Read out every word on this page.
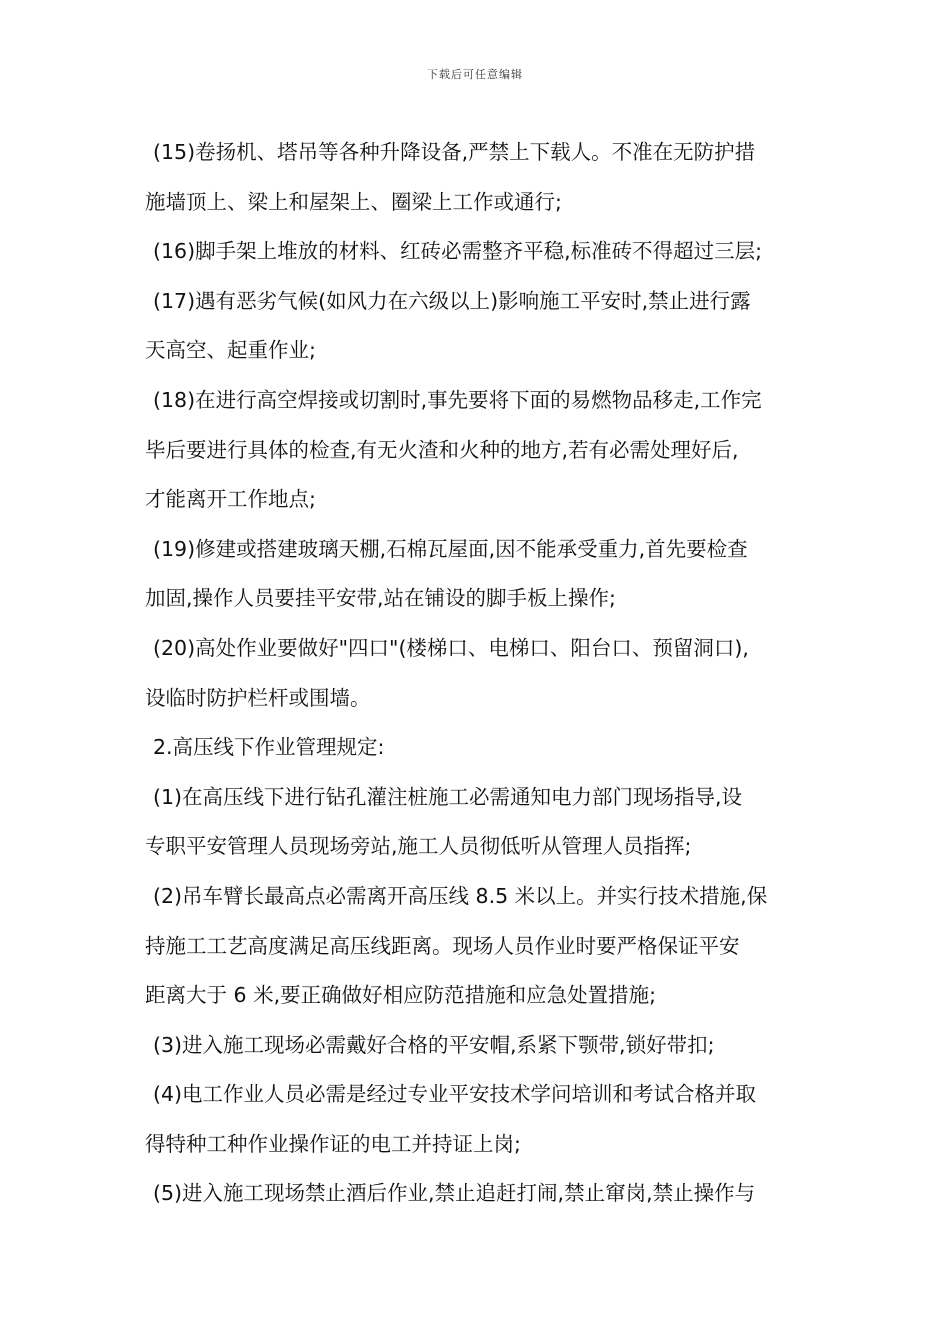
下载后可任意编辑

(15)卷扬机、塔吊等各种升降设备,严禁上下载人。不准在无防护措

施墙顶上、梁上和屋架上、圈梁上工作或通行;

(16)脚手架上堆放的材料、红砖必需整齐平稳,标准砖不得超过三层;

(17)遇有恶劣气候(如风力在六级以上)影响施工平安时,禁止进行露

天高空、起重作业;

(18)在进行高空焊接或切割时,事先要将下面的易燃物品移走,工作完

毕后要进行具体的检查,有无火渣和火种的地方,若有必需处理好后,

才能离开工作地点;

(19)修建或搭建玻璃天棚,石棉瓦屋面,因不能承受重力,首先要检查

加固,操作人员要挂平安带,站在铺设的脚手板上操作;

(20)高处作业要做好"四口"(楼梯口、电梯口、阳台口、预留洞口),

设临时防护栏杆或围墙。

2.高压线下作业管理规定:

(1)在高压线下进行钻孔灌注桩施工必需通知电力部门现场指导,设

专职平安管理人员现场旁站,施工人员彻低听从管理人员指挥;

(2)吊车臂长最高点必需离开高压线 8.5 米以上。并实行技术措施,保

持施工工艺高度满足高压线距离。现场人员作业时要严格保证平安

距离大于 6 米,要正确做好相应防范措施和应急处置措施;

(3)进入施工现场必需戴好合格的平安帽,系紧下颚带,锁好带扣;

(4)电工作业人员必需是经过专业平安技术学问培训和考试合格并取

得特种工种作业操作证的电工并持证上岗;

(5)进入施工现场禁止酒后作业,禁止追赶打闹,禁止窜岗,禁止操作与
